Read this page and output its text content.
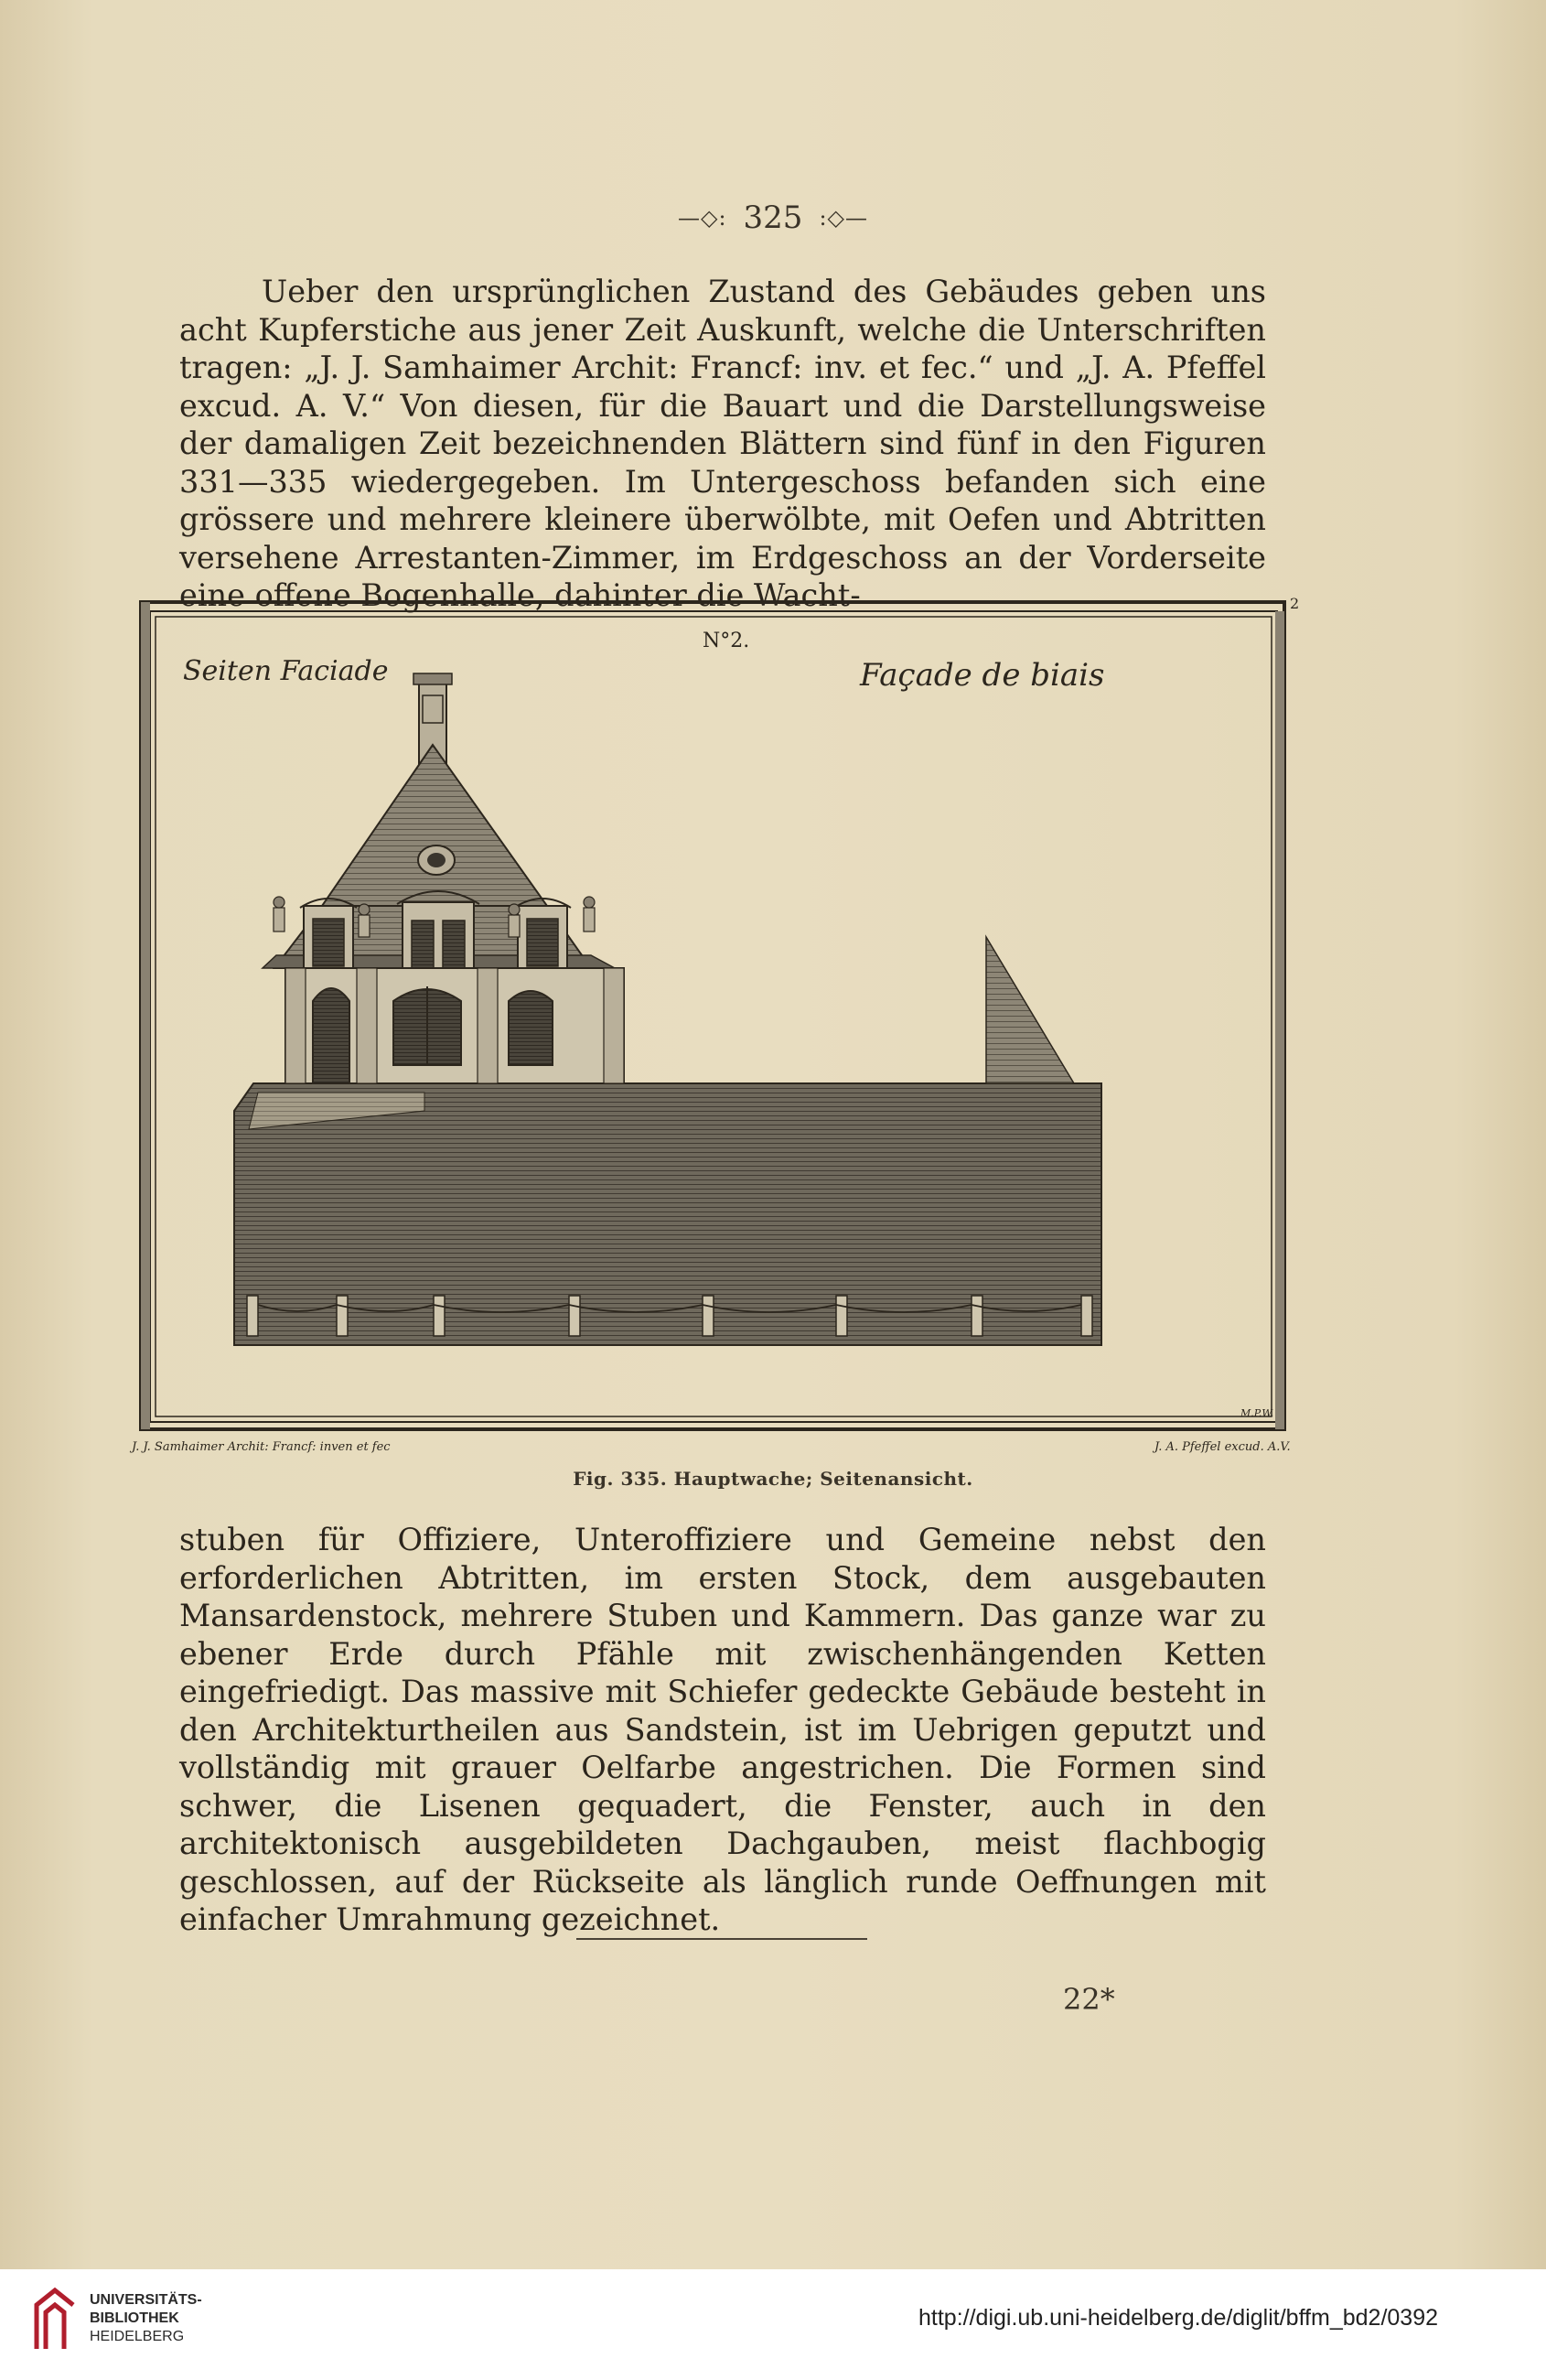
—◇: 325 :◇—

Ueber den ursprünglichen Zustand des Gebäudes geben uns acht Kupferstiche aus jener Zeit Auskunft, welche die Unterschriften tragen: „J. J. Samhaimer Archit: Francf: inv. et fec.“ und „J. A. Pfeffel excud. A. V.“ Von diesen, für die Bauart und die Darstellungsweise der damaligen Zeit bezeichnenden Blättern sind fünf in den Figuren 331—335 wiedergegeben. Im Untergeschoss befanden sich eine grössere und mehrere kleinere überwölbte, mit Oefen und Abtritten versehene Arrestanten-Zimmer, im Erdgeschoss an der Vorderseite eine offene Bogenhalle, dahinter die Wacht-

Seiten Faciade	Façade de biais
N°2.
2
M.P.W.
J. J. Samhaimer Archit: Francf: inven et fec	J. A. Pfeffel excud. A.V.
Fig. 335. Hauptwache; Seitenansicht.

stuben für Offiziere, Unteroffiziere und Gemeine nebst den erforderlichen Abtritten, im ersten Stock, dem ausgebauten Mansardenstock, mehrere Stuben und Kammern. Das ganze war zu ebener Erde durch Pfähle mit zwischenhängenden Ketten eingefriedigt. Das massive mit Schiefer gedeckte Gebäude besteht in den Architekturtheilen aus Sandstein, ist im Uebrigen geputzt und vollständig mit grauer Oelfarbe angestrichen. Die Formen sind schwer, die Lisenen gequadert, die Fenster, auch in den architektonisch ausgebildeten Dachgauben, meist flachbogig geschlossen, auf der Rückseite als länglich runde Oeffnungen mit einfacher Umrahmung gezeichnet.

22*
UNIVERSITÄTS-
BIBLIOTHEK
HEIDELBERG
http://digi.ub.uni-heidelberg.de/diglit/bffm_bd2/0392
